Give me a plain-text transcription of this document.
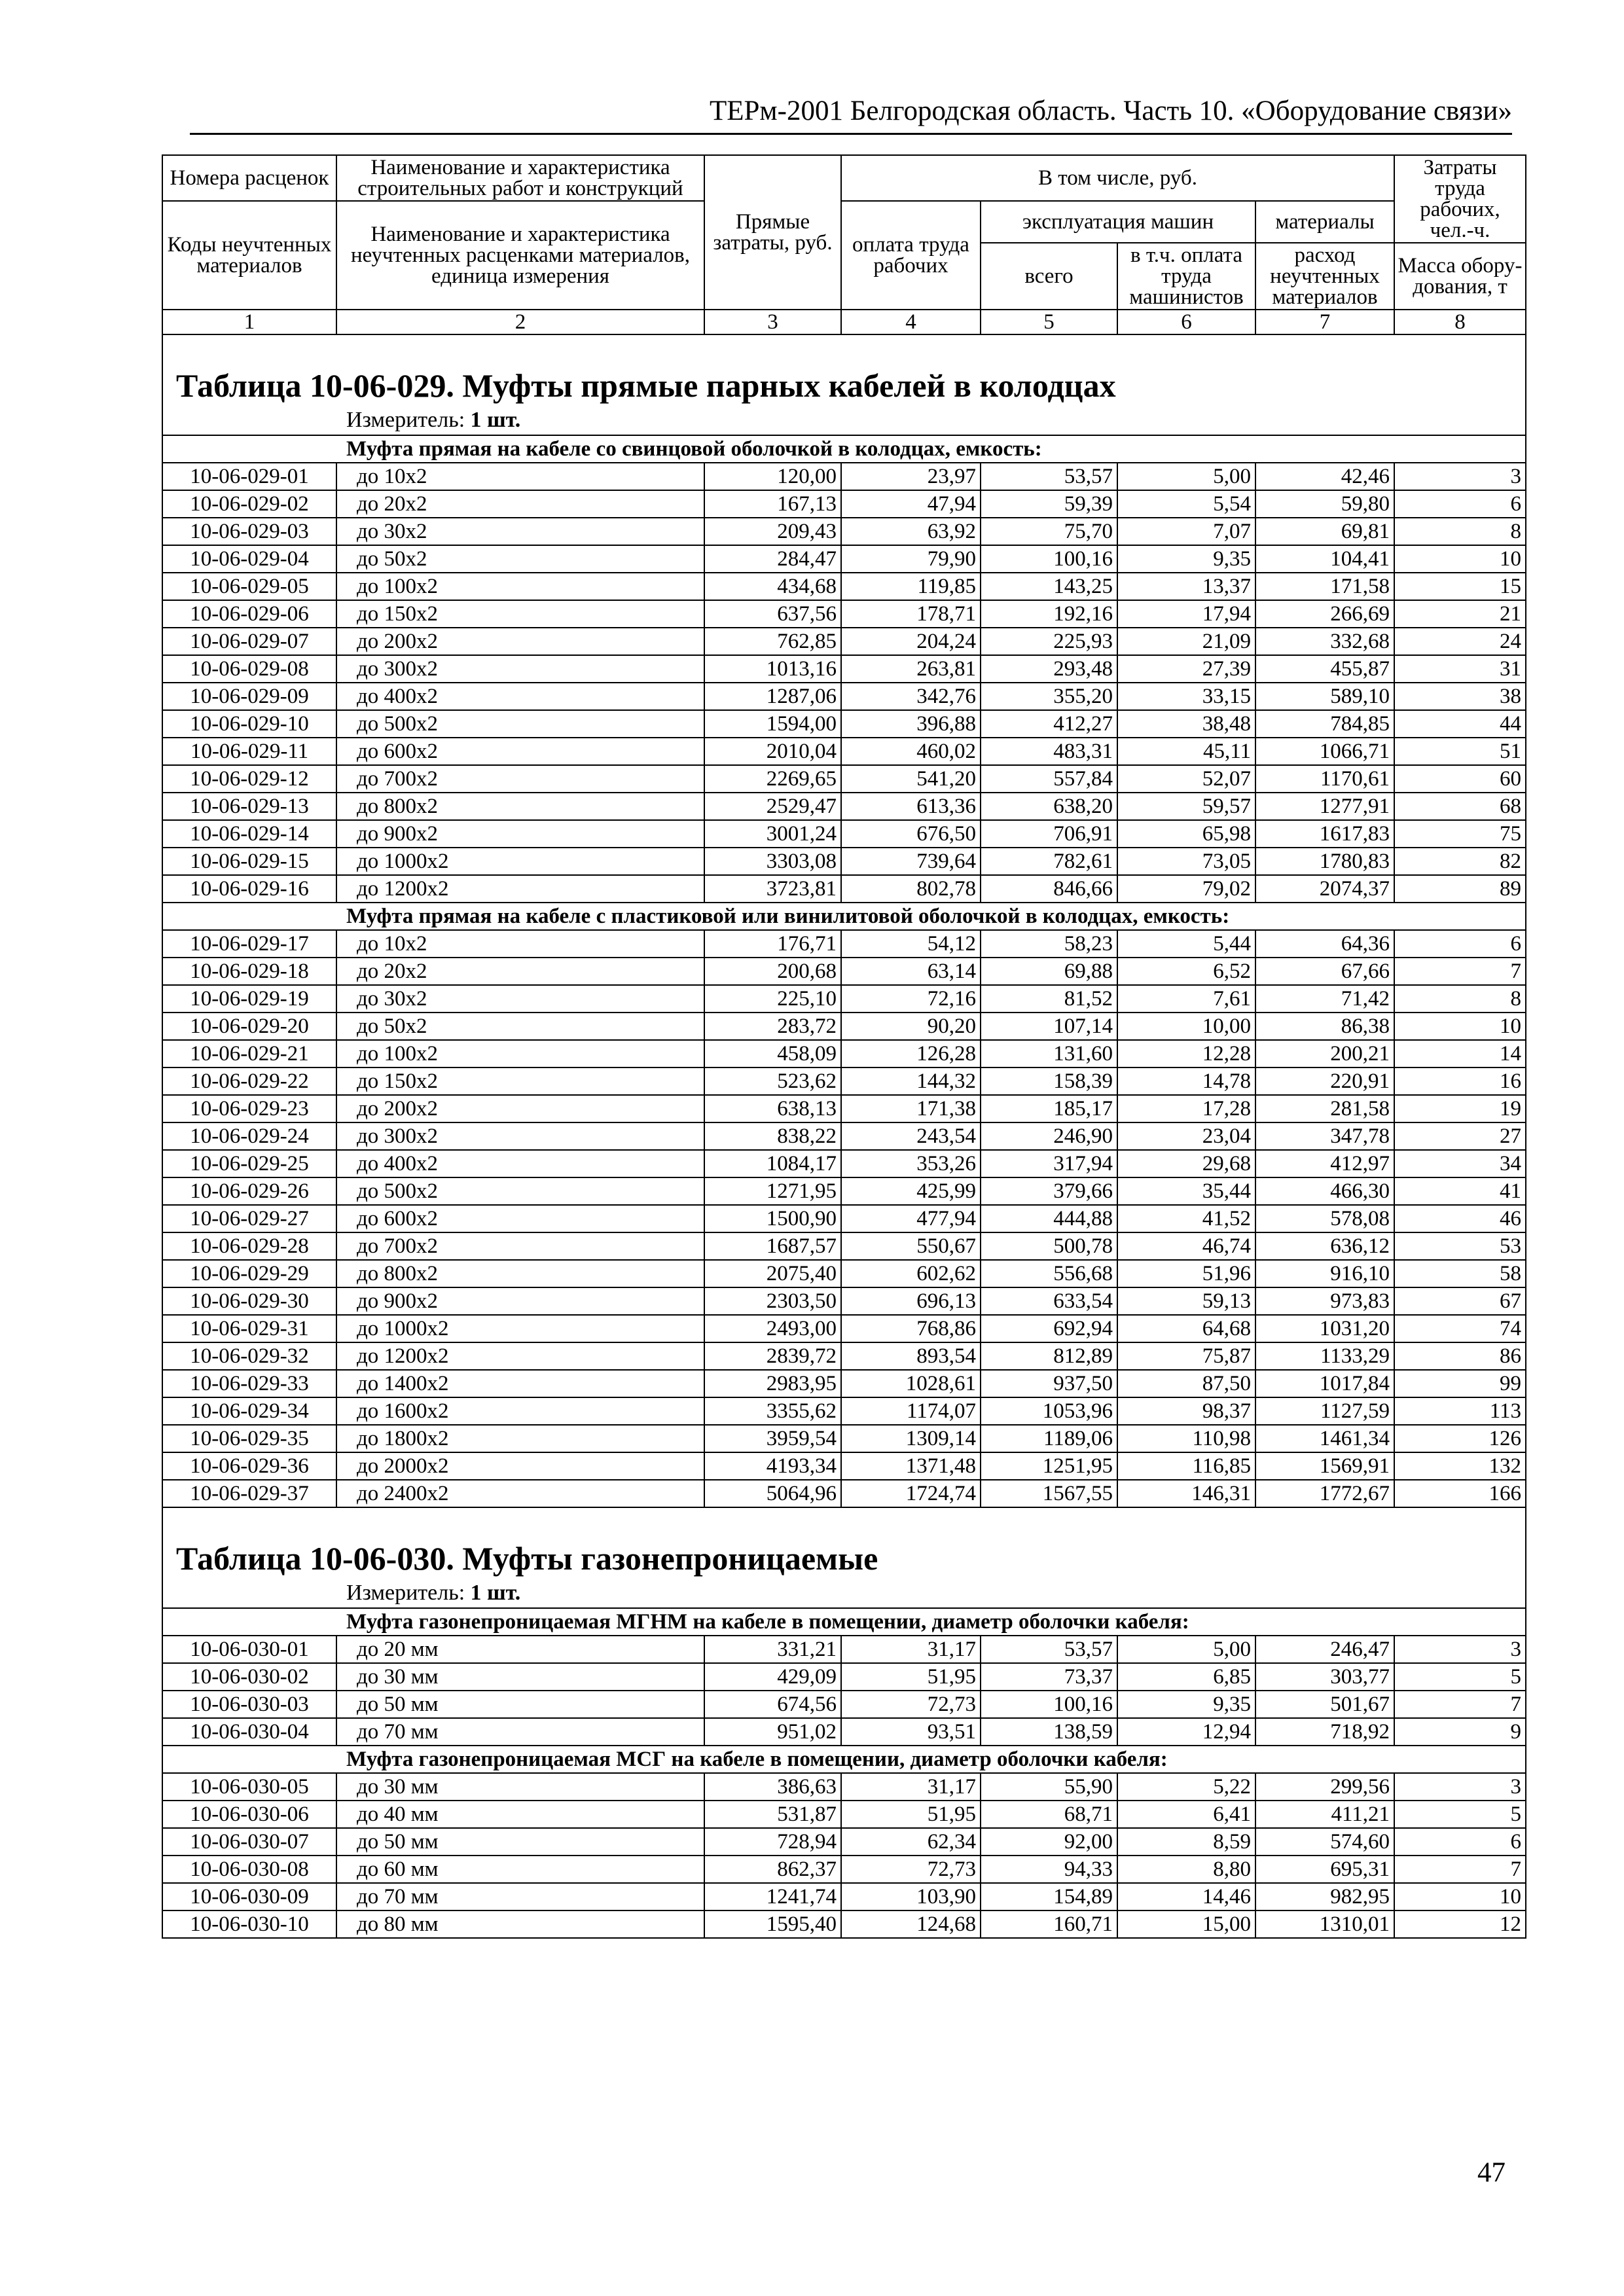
ТЕРм-2001 Белгородская область. Часть 10. «Оборудование связи»
Номера расценок	Наименование и характеристика строительных работ и конструкций	Прямые затраты, руб.	В том числе, руб.				Затраты труда рабочих, чел.-ч.
Коды неучтенных материалов	Наименование и характеристика неучтенных расценками материалов, единица измерения		оплата труда рабочих	эксплуатация машин		материалы	
				всего	в т.ч. оплата труда машинистов	расход неучтенных материалов	Масса обору-дования, т
1	2	3	4	5	6	7	8
Таблица 10-06-029. Муфты прямые парных кабелей в колодцах							
Измеритель: 1 шт.							
Муфта прямая на кабеле со свинцовой оболочкой в колодцах, емкость:							
10-06-029-01	до 10х2	120,00	23,97	53,57	5,00	42,46	3
10-06-029-02	до 20х2	167,13	47,94	59,39	5,54	59,80	6
10-06-029-03	до 30х2	209,43	63,92	75,70	7,07	69,81	8
10-06-029-04	до 50х2	284,47	79,90	100,16	9,35	104,41	10
10-06-029-05	до 100х2	434,68	119,85	143,25	13,37	171,58	15
10-06-029-06	до 150х2	637,56	178,71	192,16	17,94	266,69	21
10-06-029-07	до 200х2	762,85	204,24	225,93	21,09	332,68	24
10-06-029-08	до 300х2	1013,16	263,81	293,48	27,39	455,87	31
10-06-029-09	до 400х2	1287,06	342,76	355,20	33,15	589,10	38
10-06-029-10	до 500х2	1594,00	396,88	412,27	38,48	784,85	44
10-06-029-11	до 600х2	2010,04	460,02	483,31	45,11	1066,71	51
10-06-029-12	до 700х2	2269,65	541,20	557,84	52,07	1170,61	60
10-06-029-13	до 800х2	2529,47	613,36	638,20	59,57	1277,91	68
10-06-029-14	до 900х2	3001,24	676,50	706,91	65,98	1617,83	75
10-06-029-15	до 1000х2	3303,08	739,64	782,61	73,05	1780,83	82
10-06-029-16	до 1200х2	3723,81	802,78	846,66	79,02	2074,37	89
Муфта прямая на кабеле с пластиковой или винилитовой оболочкой в колодцах, емкость:							
10-06-029-17	до 10х2	176,71	54,12	58,23	5,44	64,36	6
10-06-029-18	до 20х2	200,68	63,14	69,88	6,52	67,66	7
10-06-029-19	до 30х2	225,10	72,16	81,52	7,61	71,42	8
10-06-029-20	до 50х2	283,72	90,20	107,14	10,00	86,38	10
10-06-029-21	до 100х2	458,09	126,28	131,60	12,28	200,21	14
10-06-029-22	до 150х2	523,62	144,32	158,39	14,78	220,91	16
10-06-029-23	до 200х2	638,13	171,38	185,17	17,28	281,58	19
10-06-029-24	до 300х2	838,22	243,54	246,90	23,04	347,78	27
10-06-029-25	до 400х2	1084,17	353,26	317,94	29,68	412,97	34
10-06-029-26	до 500х2	1271,95	425,99	379,66	35,44	466,30	41
10-06-029-27	до 600х2	1500,90	477,94	444,88	41,52	578,08	46
10-06-029-28	до 700х2	1687,57	550,67	500,78	46,74	636,12	53
10-06-029-29	до 800х2	2075,40	602,62	556,68	51,96	916,10	58
10-06-029-30	до 900х2	2303,50	696,13	633,54	59,13	973,83	67
10-06-029-31	до 1000х2	2493,00	768,86	692,94	64,68	1031,20	74
10-06-029-32	до 1200х2	2839,72	893,54	812,89	75,87	1133,29	86
10-06-029-33	до 1400х2	2983,95	1028,61	937,50	87,50	1017,84	99
10-06-029-34	до 1600х2	3355,62	1174,07	1053,96	98,37	1127,59	113
10-06-029-35	до 1800х2	3959,54	1309,14	1189,06	110,98	1461,34	126
10-06-029-36	до 2000х2	4193,34	1371,48	1251,95	116,85	1569,91	132
10-06-029-37	до 2400х2	5064,96	1724,74	1567,55	146,31	1772,67	166
Таблица 10-06-030. Муфты газонепроницаемые							
Измеритель: 1 шт.							
Муфта газонепроницаемая МГНМ на кабеле в помещении, диаметр оболочки кабеля:							
10-06-030-01	до 20 мм	331,21	31,17	53,57	5,00	246,47	3
10-06-030-02	до 30 мм	429,09	51,95	73,37	6,85	303,77	5
10-06-030-03	до 50 мм	674,56	72,73	100,16	9,35	501,67	7
10-06-030-04	до 70 мм	951,02	93,51	138,59	12,94	718,92	9
Муфта газонепроницаемая МСГ на кабеле в помещении, диаметр оболочки кабеля:							
10-06-030-05	до 30 мм	386,63	31,17	55,90	5,22	299,56	3
10-06-030-06	до 40 мм	531,87	51,95	68,71	6,41	411,21	5
10-06-030-07	до 50 мм	728,94	62,34	92,00	8,59	574,60	6
10-06-030-08	до 60 мм	862,37	72,73	94,33	8,80	695,31	7
10-06-030-09	до 70 мм	1241,74	103,90	154,89	14,46	982,95	10
10-06-030-10	до 80 мм	1595,40	124,68	160,71	15,00	1310,01	12
47
